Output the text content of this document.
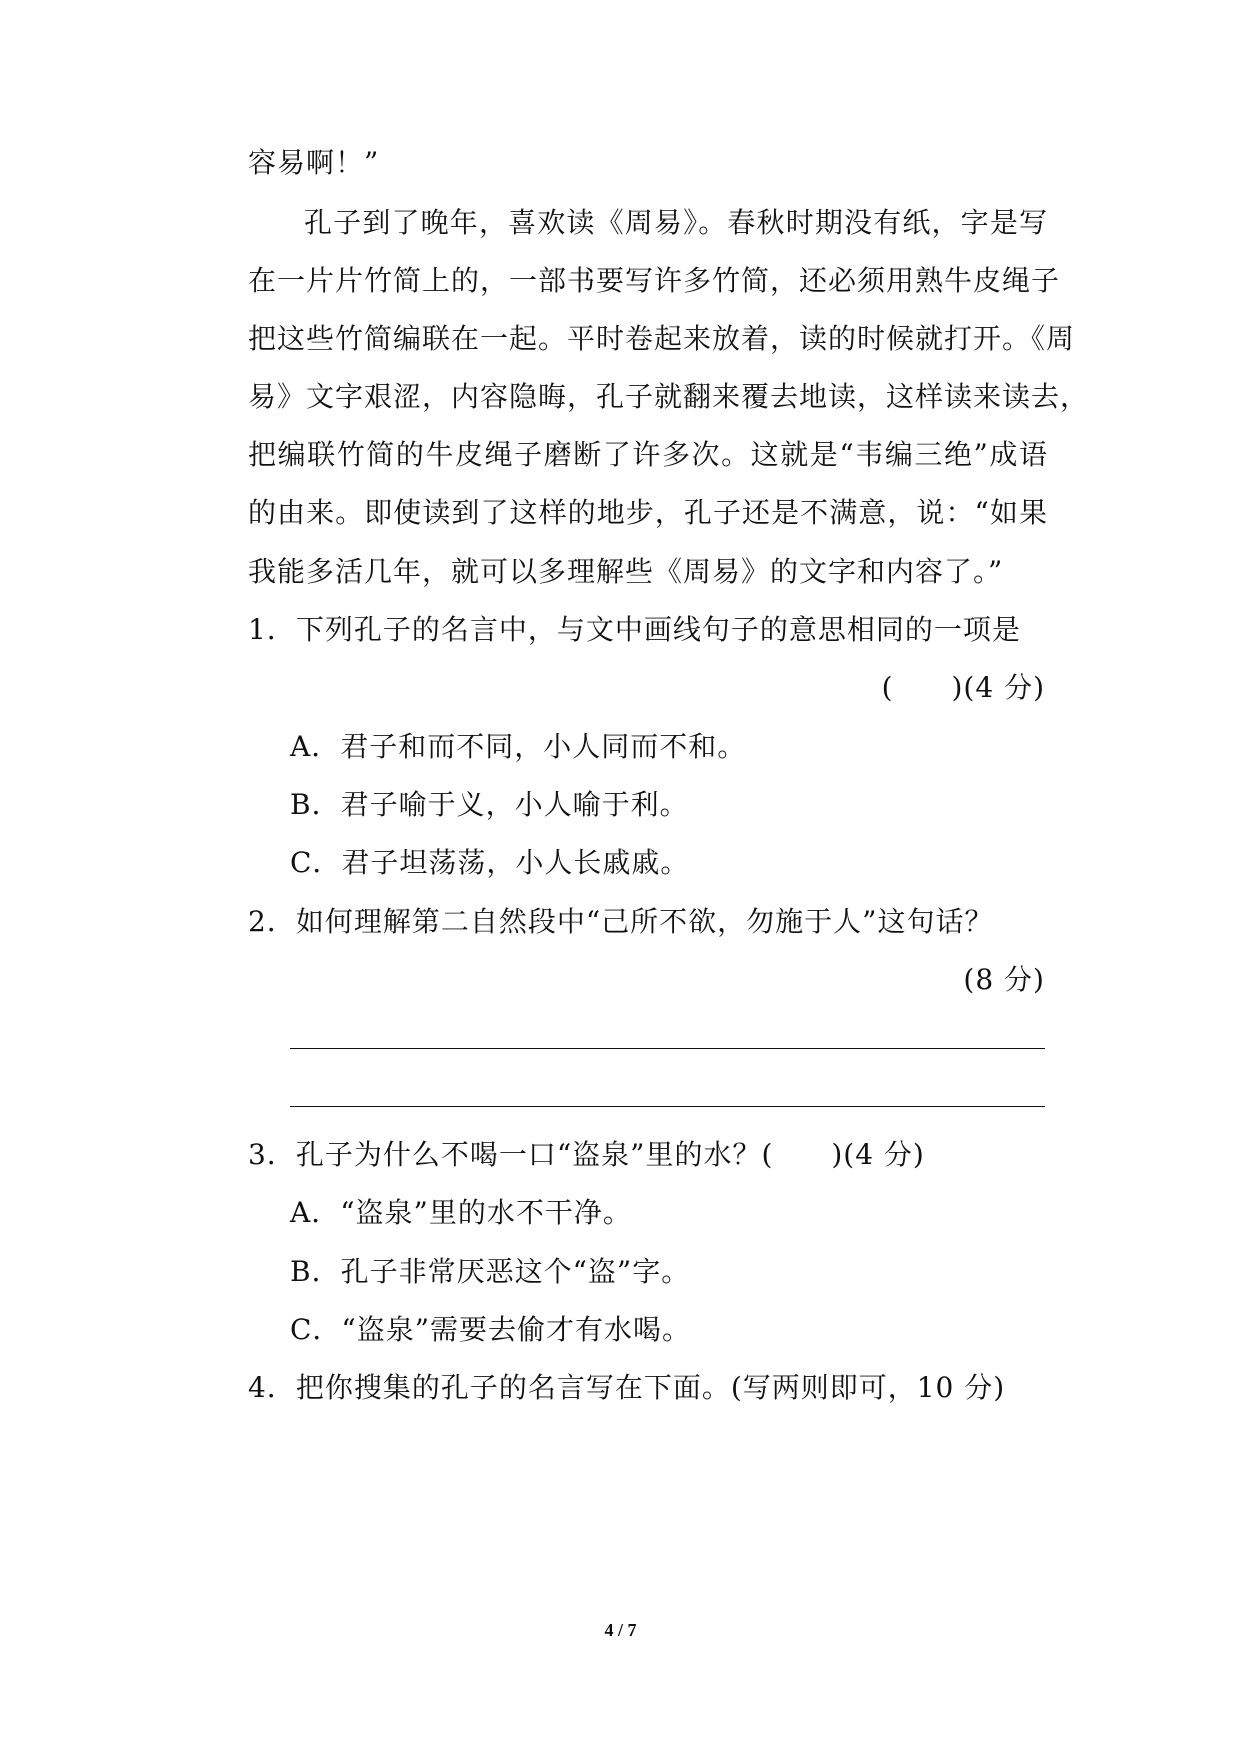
容易啊！”
孔子到了晚年，喜欢读《周易》。春秋时期没有纸，字是写
在一片片竹简上的，一部书要写许多竹简，还必须用熟牛皮绳子
把这些竹简编联在一起。平时卷起来放着，读的时候就打开。《周
易》文字艰涩，内容隐晦，孔子就翻来覆去地读，这样读来读去，
把编联竹简的牛皮绳子磨断了许多次。这就是“韦编三绝”成语
的由来。即使读到了这样的地步，孔子还是不满意，说：“如果
我能多活几年，就可以多理解些《周易》的文字和内容了。”
1．下列孔子的名言中，与文中画线句子的意思相同的一项是
(　　)(4 分)
A．君子和而不同，小人同而不和。
B．君子喻于义，小人喻于利。
C．君子坦荡荡，小人长戚戚。
2．如何理解第二自然段中“己所不欲，勿施于人”这句话？
(8 分)
3．孔子为什么不喝一口“盗泉”里的水？(　　)(4 分)
A．“盗泉”里的水不干净。
B．孔子非常厌恶这个“盗”字。
C．“盗泉”需要去偷才有水喝。
4．把你搜集的孔子的名言写在下面。(写两则即可，10 分)
4 / 7
